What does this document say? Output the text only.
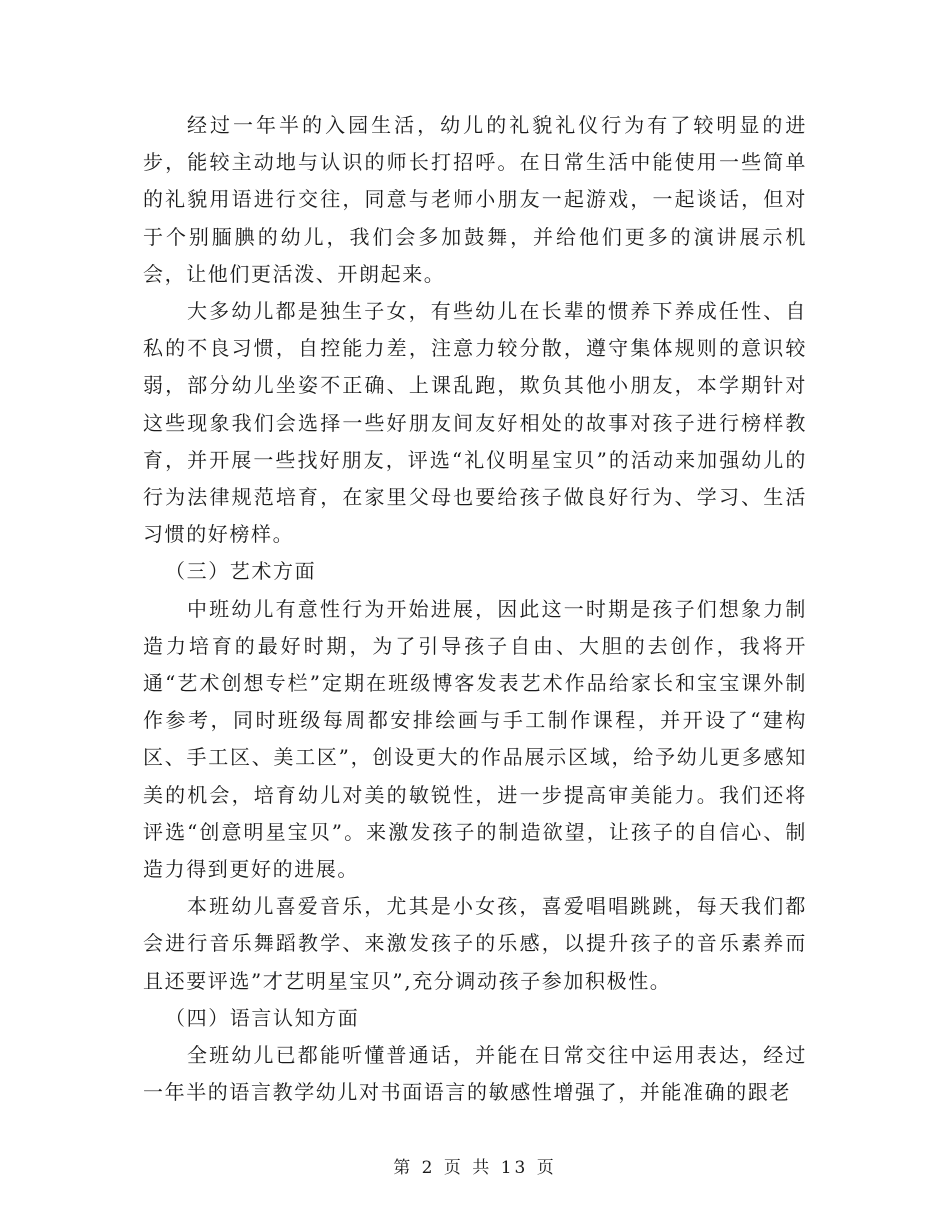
经过一年半的入园生活，幼儿的礼貌礼仪行为有了较明显的进步，能较主动地与认识的师长打招呼。在日常生活中能使用一些简单的礼貌用语进行交往，同意与老师小朋友一起游戏，一起谈话，但对于个别腼腆的幼儿，我们会多加鼓舞，并给他们更多的演讲展示机会，让他们更活泼、开朗起来。

大多幼儿都是独生子女，有些幼儿在长辈的惯养下养成任性、自私的不良习惯，自控能力差，注意力较分散，遵守集体规则的意识较弱，部分幼儿坐姿不正确、上课乱跑，欺负其他小朋友，本学期针对这些现象我们会选择一些好朋友间友好相处的故事对孩子进行榜样教育，并开展一些找好朋友，评选“礼仪明星宝贝”的活动来加强幼儿的行为法律规范培育，在家里父母也要给孩子做良好行为、学习、生活习惯的好榜样。

（三）艺术方面

中班幼儿有意性行为开始进展，因此这一时期是孩子们想象力制造力培育的最好时期，为了引导孩子自由、大胆的去创作，我将开通“艺术创想专栏”定期在班级博客发表艺术作品给家长和宝宝课外制作参考，同时班级每周都安排绘画与手工制作课程，并开设了“建构区、手工区、美工区”，创设更大的作品展示区域，给予幼儿更多感知美的机会，培育幼儿对美的敏锐性，进一步提高审美能力。我们还将评选“创意明星宝贝”。来激发孩子的制造欲望，让孩子的自信心、制造力得到更好的进展。

本班幼儿喜爱音乐，尤其是小女孩，喜爱唱唱跳跳，每天我们都会进行音乐舞蹈教学、来激发孩子的乐感，以提升孩子的音乐素养而且还要评选”才艺明星宝贝”,充分调动孩子参加积极性。

（四）语言认知方面

全班幼儿已都能听懂普通话，并能在日常交往中运用表达，经过一年半的语言教学幼儿对书面语言的敏感性增强了，并能准确的跟老

第 2 页 共 13 页
